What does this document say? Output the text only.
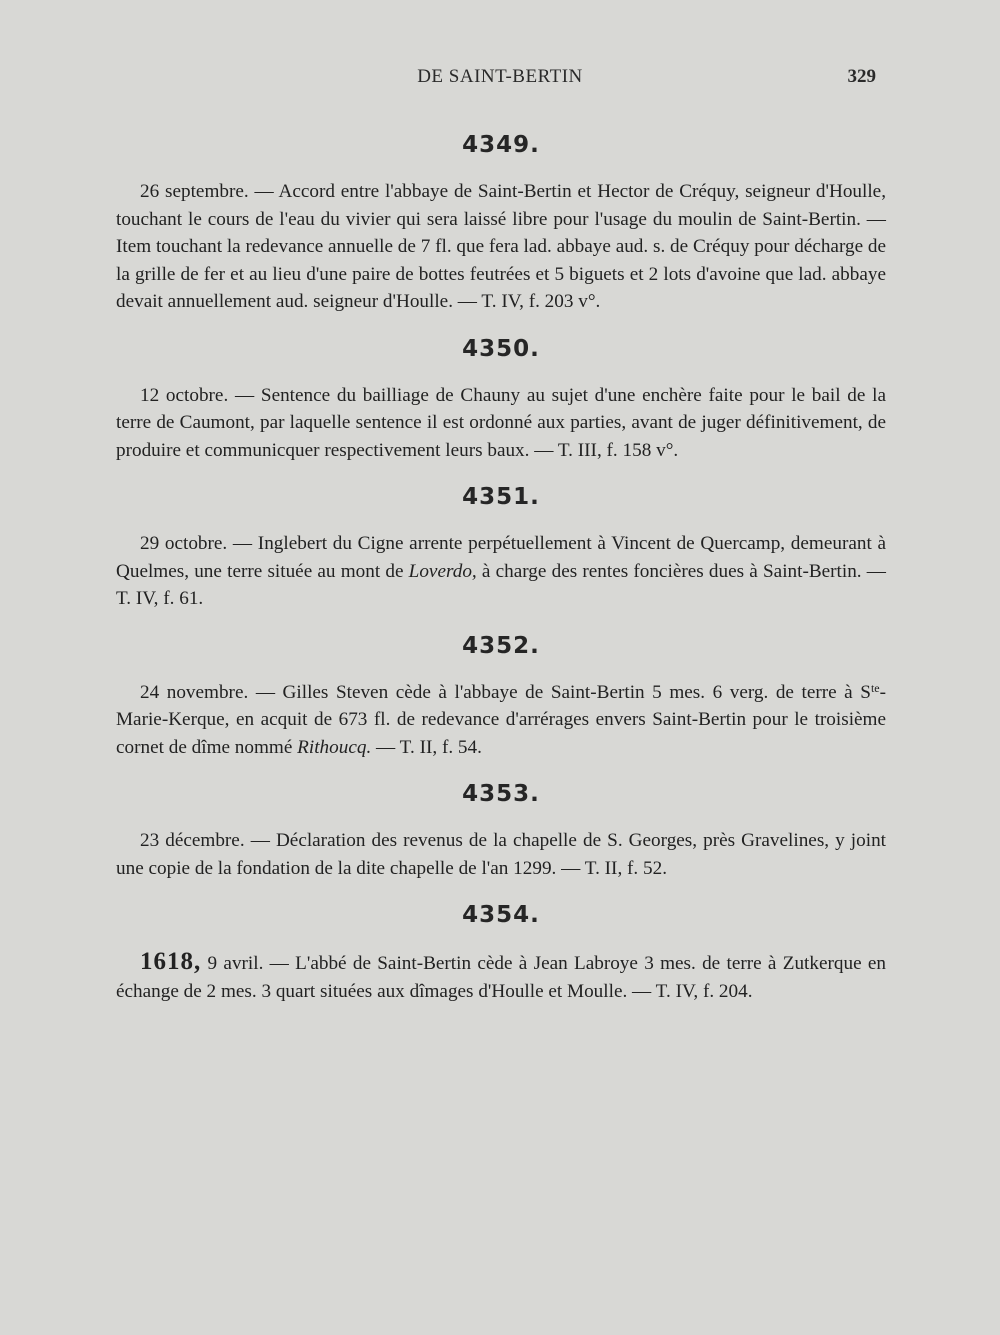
DE SAINT-BERTIN	329
4349.

26 septembre. — Accord entre l'abbaye de Saint-Bertin et Hector de Créquy, seigneur d'Houlle, touchant le cours de l'eau du vivier qui sera laissé libre pour l'usage du moulin de Saint-Bertin. — Item touchant la redevance annuelle de 7 fl. que fera lad. abbaye aud. s. de Créquy pour décharge de la grille de fer et au lieu d'une paire de bottes feutrées et 5 biguets et 2 lots d'avoine que lad. abbaye devait annuellement aud. seigneur d'Houlle. — T. IV, f. 203 v°.

4350.

12 octobre. — Sentence du bailliage de Chauny au sujet d'une enchère faite pour le bail de la terre de Caumont, par laquelle sentence il est ordonné aux parties, avant de juger définitivement, de produire et communicquer respectivement leurs baux. — T. III, f. 158 v°.

4351.

29 octobre. — Inglebert du Cigne arrente perpétuellement à Vincent de Quercamp, demeurant à Quelmes, une terre située au mont de Loverdo, à charge des rentes foncières dues à Saint-Bertin. — T. IV, f. 61.

4352.

24 novembre. — Gilles Steven cède à l'abbaye de Saint-Bertin 5 mes. 6 verg. de terre à $S^{te}-Marie$-Kerque, en acquit de 673 fl. de redevance d'arrérages envers Saint-Bertin pour le troisième cornet de dîme nommé Rithoucq. — T. II, f. 54.

4353.

23 décembre. — Déclaration des revenus de la chapelle de S. Georges, près Gravelines, y joint une copie de la fondation de la dite chapelle de l'an 1299. — T. II, f. 52.

4354.

1618, 9 avril. — L'abbé de Saint-Bertin cède à Jean Labroye 3 mes. de terre à Zutkerque en échange de 2 mes. 3 quart situées aux dîmages d'Houlle et Moulle. — T. IV, f. 204.
